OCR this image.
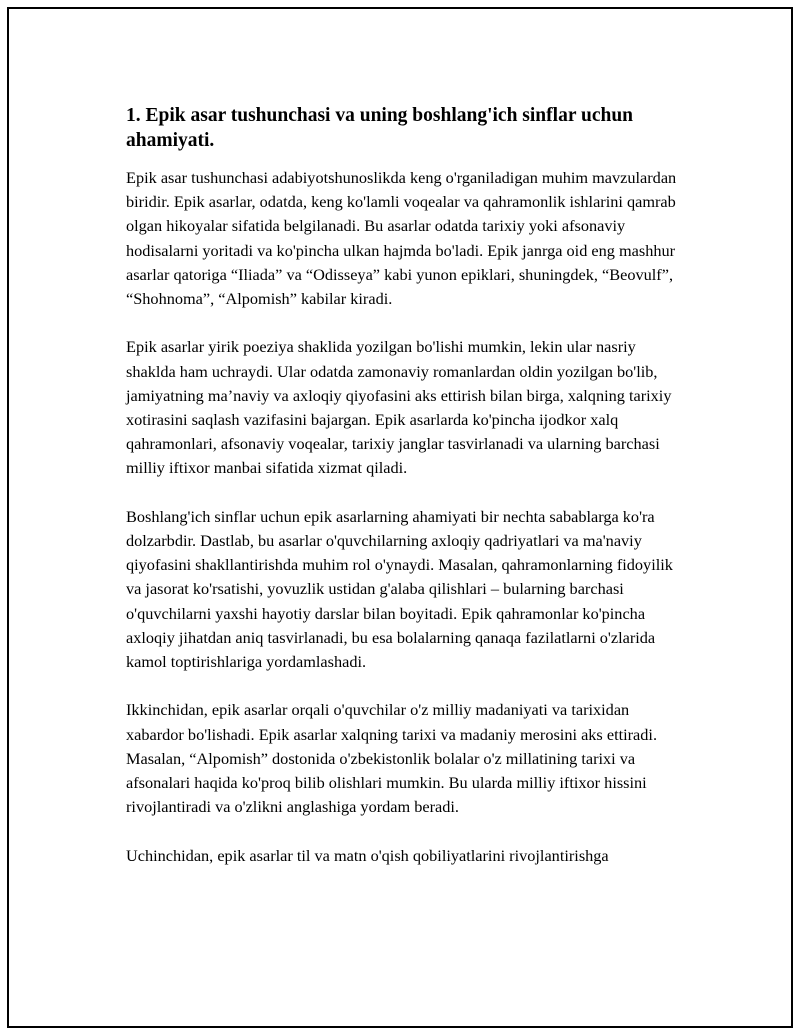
1. Epik asar tushunchasi va uning boshlang'ich sinflar uchun ahamiyati.

Epik asar tushunchasi adabiyotshunoslikda keng o'rganiladigan muhim mavzulardan biridir. Epik asarlar, odatda, keng ko'lamli voqealar va qahramonlik ishlarini qamrab olgan hikoyalar sifatida belgilanadi. Bu asarlar odatda tarixiy yoki afsonaviy hodisalarni yoritadi va ko'pincha ulkan hajmda bo'ladi. Epik janrga oid eng mashhur asarlar qatoriga “Iliada” va “Odisseya” kabi yunon epiklari, shuningdek, “Beovulf”, “Shohnoma”, “Alpomish” kabilar kiradi.

Epik asarlar yirik poeziya shaklida yozilgan bo'lishi mumkin, lekin ular nasriy shaklda ham uchraydi. Ular odatda zamonaviy romanlardan oldin yozilgan bo'lib, jamiyatning ma’naviy va axloqiy qiyofasini aks ettirish bilan birga, xalqning tarixiy xotirasini saqlash vazifasini bajargan. Epik asarlarda ko'pincha ijodkor xalq qahramonlari, afsonaviy voqealar, tarixiy janglar tasvirlanadi va ularning barchasi milliy iftixor manbai sifatida xizmat qiladi.

Boshlang'ich sinflar uchun epik asarlarning ahamiyati bir nechta sabablarga ko'ra dolzarbdir. Dastlab, bu asarlar o'quvchilarning axloqiy qadriyatlari va ma'naviy qiyofasini shakllantirishda muhim rol o'ynaydi. Masalan, qahramonlarning fidoyilik va jasorat ko'rsatishi, yovuzlik ustidan g'alaba qilishlari – bularning barchasi o'quvchilarni yaxshi hayotiy darslar bilan boyitadi. Epik qahramonlar ko'pincha axloqiy jihatdan aniq tasvirlanadi, bu esa bolalarning qanaqa fazilatlarni o'zlarida kamol toptirishlariga yordamlashadi.

Ikkinchidan, epik asarlar orqali o'quvchilar o'z milliy madaniyati va tarixidan xabardor bo'lishadi. Epik asarlar xalqning tarixi va madaniy merosini aks ettiradi. Masalan, “Alpomish” dostonida o'zbekistonlik bolalar o'z millatining tarixi va afsonalari haqida ko'proq bilib olishlari mumkin. Bu ularda milliy iftixor hissini rivojlantiradi va o'zlikni anglashiga yordam beradi.

Uchinchidan, epik asarlar til va matn o'qish qobiliyatlarini rivojlantirishga
